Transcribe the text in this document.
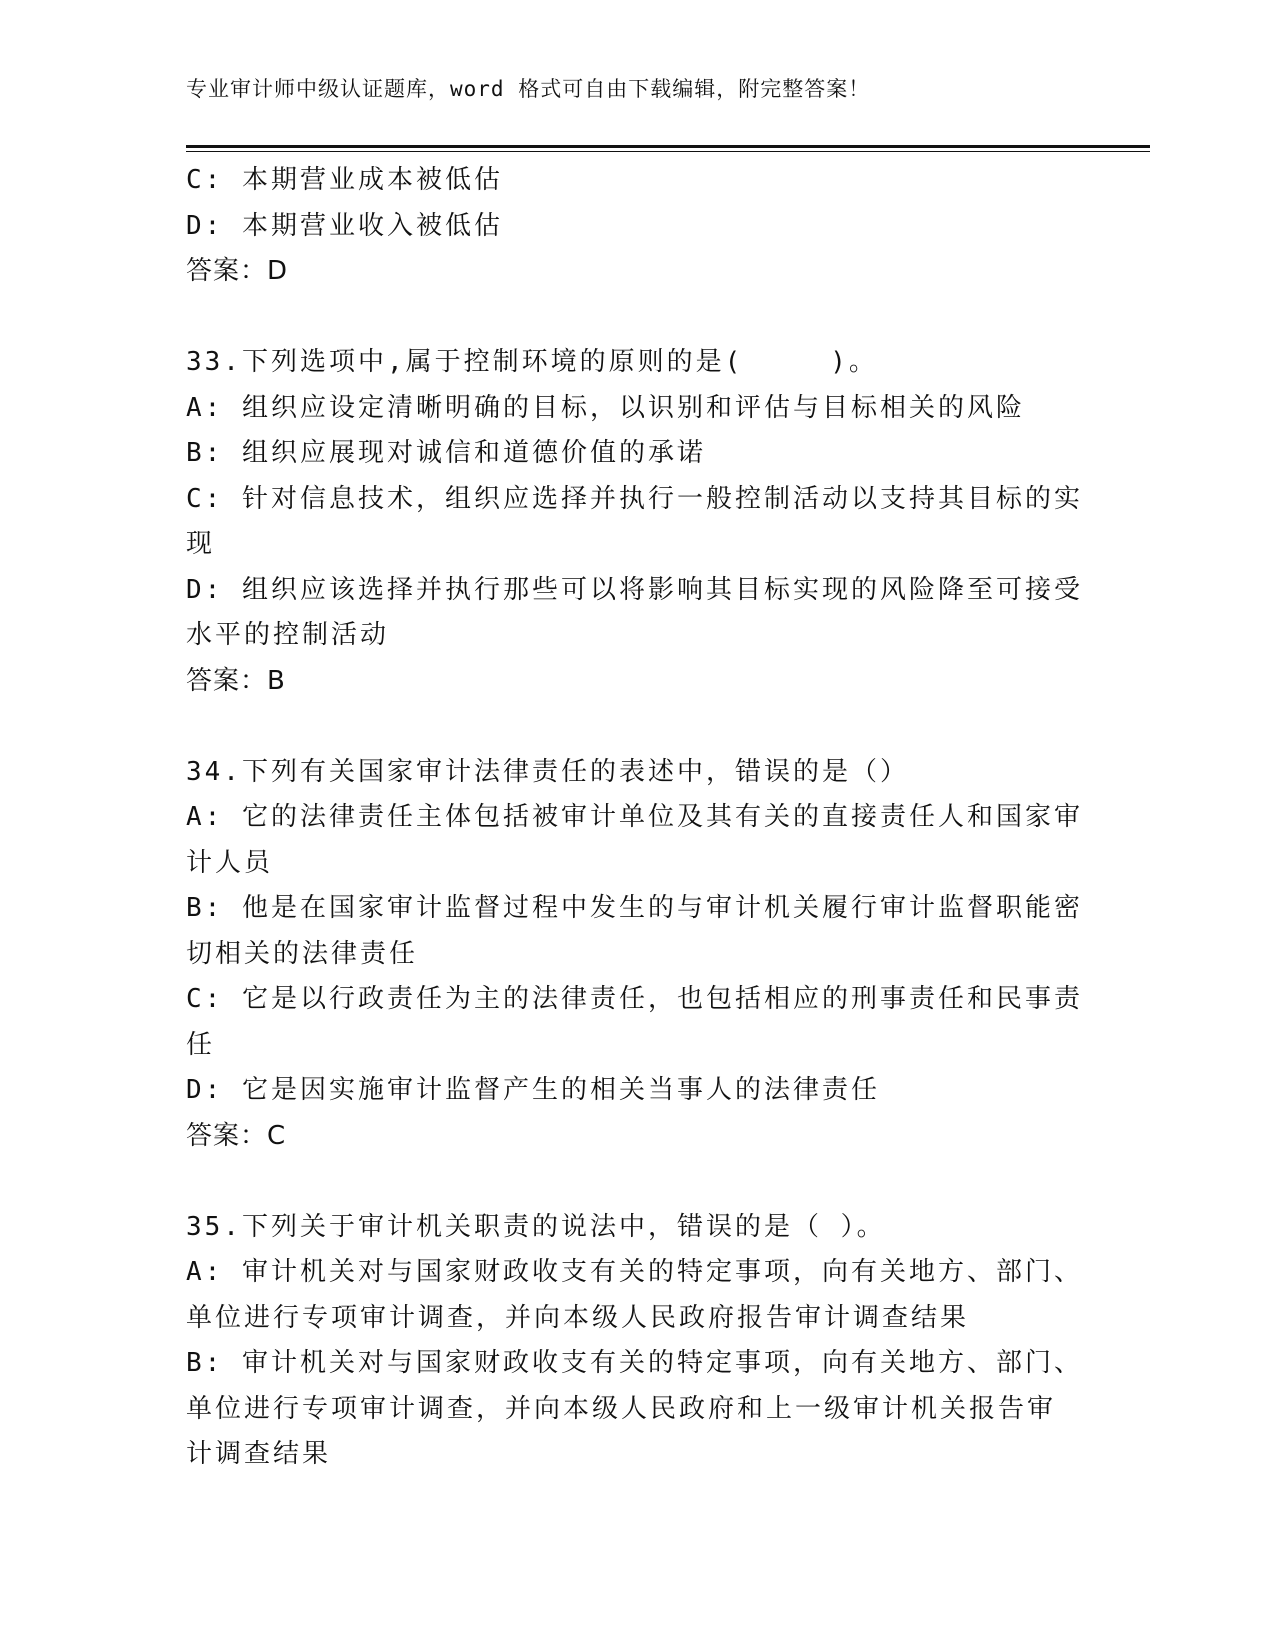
专业审计师中级认证题库，word 格式可自由下载编辑，附完整答案！
C: 本期营业成本被低估
D: 本期营业收入被低估
答案：D
33.下列选项中,属于控制环境的原则的是(　　　)。
A: 组织应设定清晰明确的目标，以识别和评估与目标相关的风险
B: 组织应展现对诚信和道德价值的承诺
C: 针对信息技术，组织应选择并执行一般控制活动以支持其目标的实
现
D: 组织应该选择并执行那些可以将影响其目标实现的风险降至可接受
水平的控制活动
答案：B
34.下列有关国家审计法律责任的表述中，错误的是（）
A: 它的法律责任主体包括被审计单位及其有关的直接责任人和国家审
计人员
B: 他是在国家审计监督过程中发生的与审计机关履行审计监督职能密
切相关的法律责任
C: 它是以行政责任为主的法律责任，也包括相应的刑事责任和民事责
任
D: 它是因实施审计监督产生的相关当事人的法律责任
答案：C
35.下列关于审计机关职责的说法中，错误的是（ ）。
A: 审计机关对与国家财政收支有关的特定事项，向有关地方、部门、
单位进行专项审计调查，并向本级人民政府报告审计调查结果
B: 审计机关对与国家财政收支有关的特定事项，向有关地方、部门、
单位进行专项审计调查，并向本级人民政府和上一级审计机关报告审
计调查结果
